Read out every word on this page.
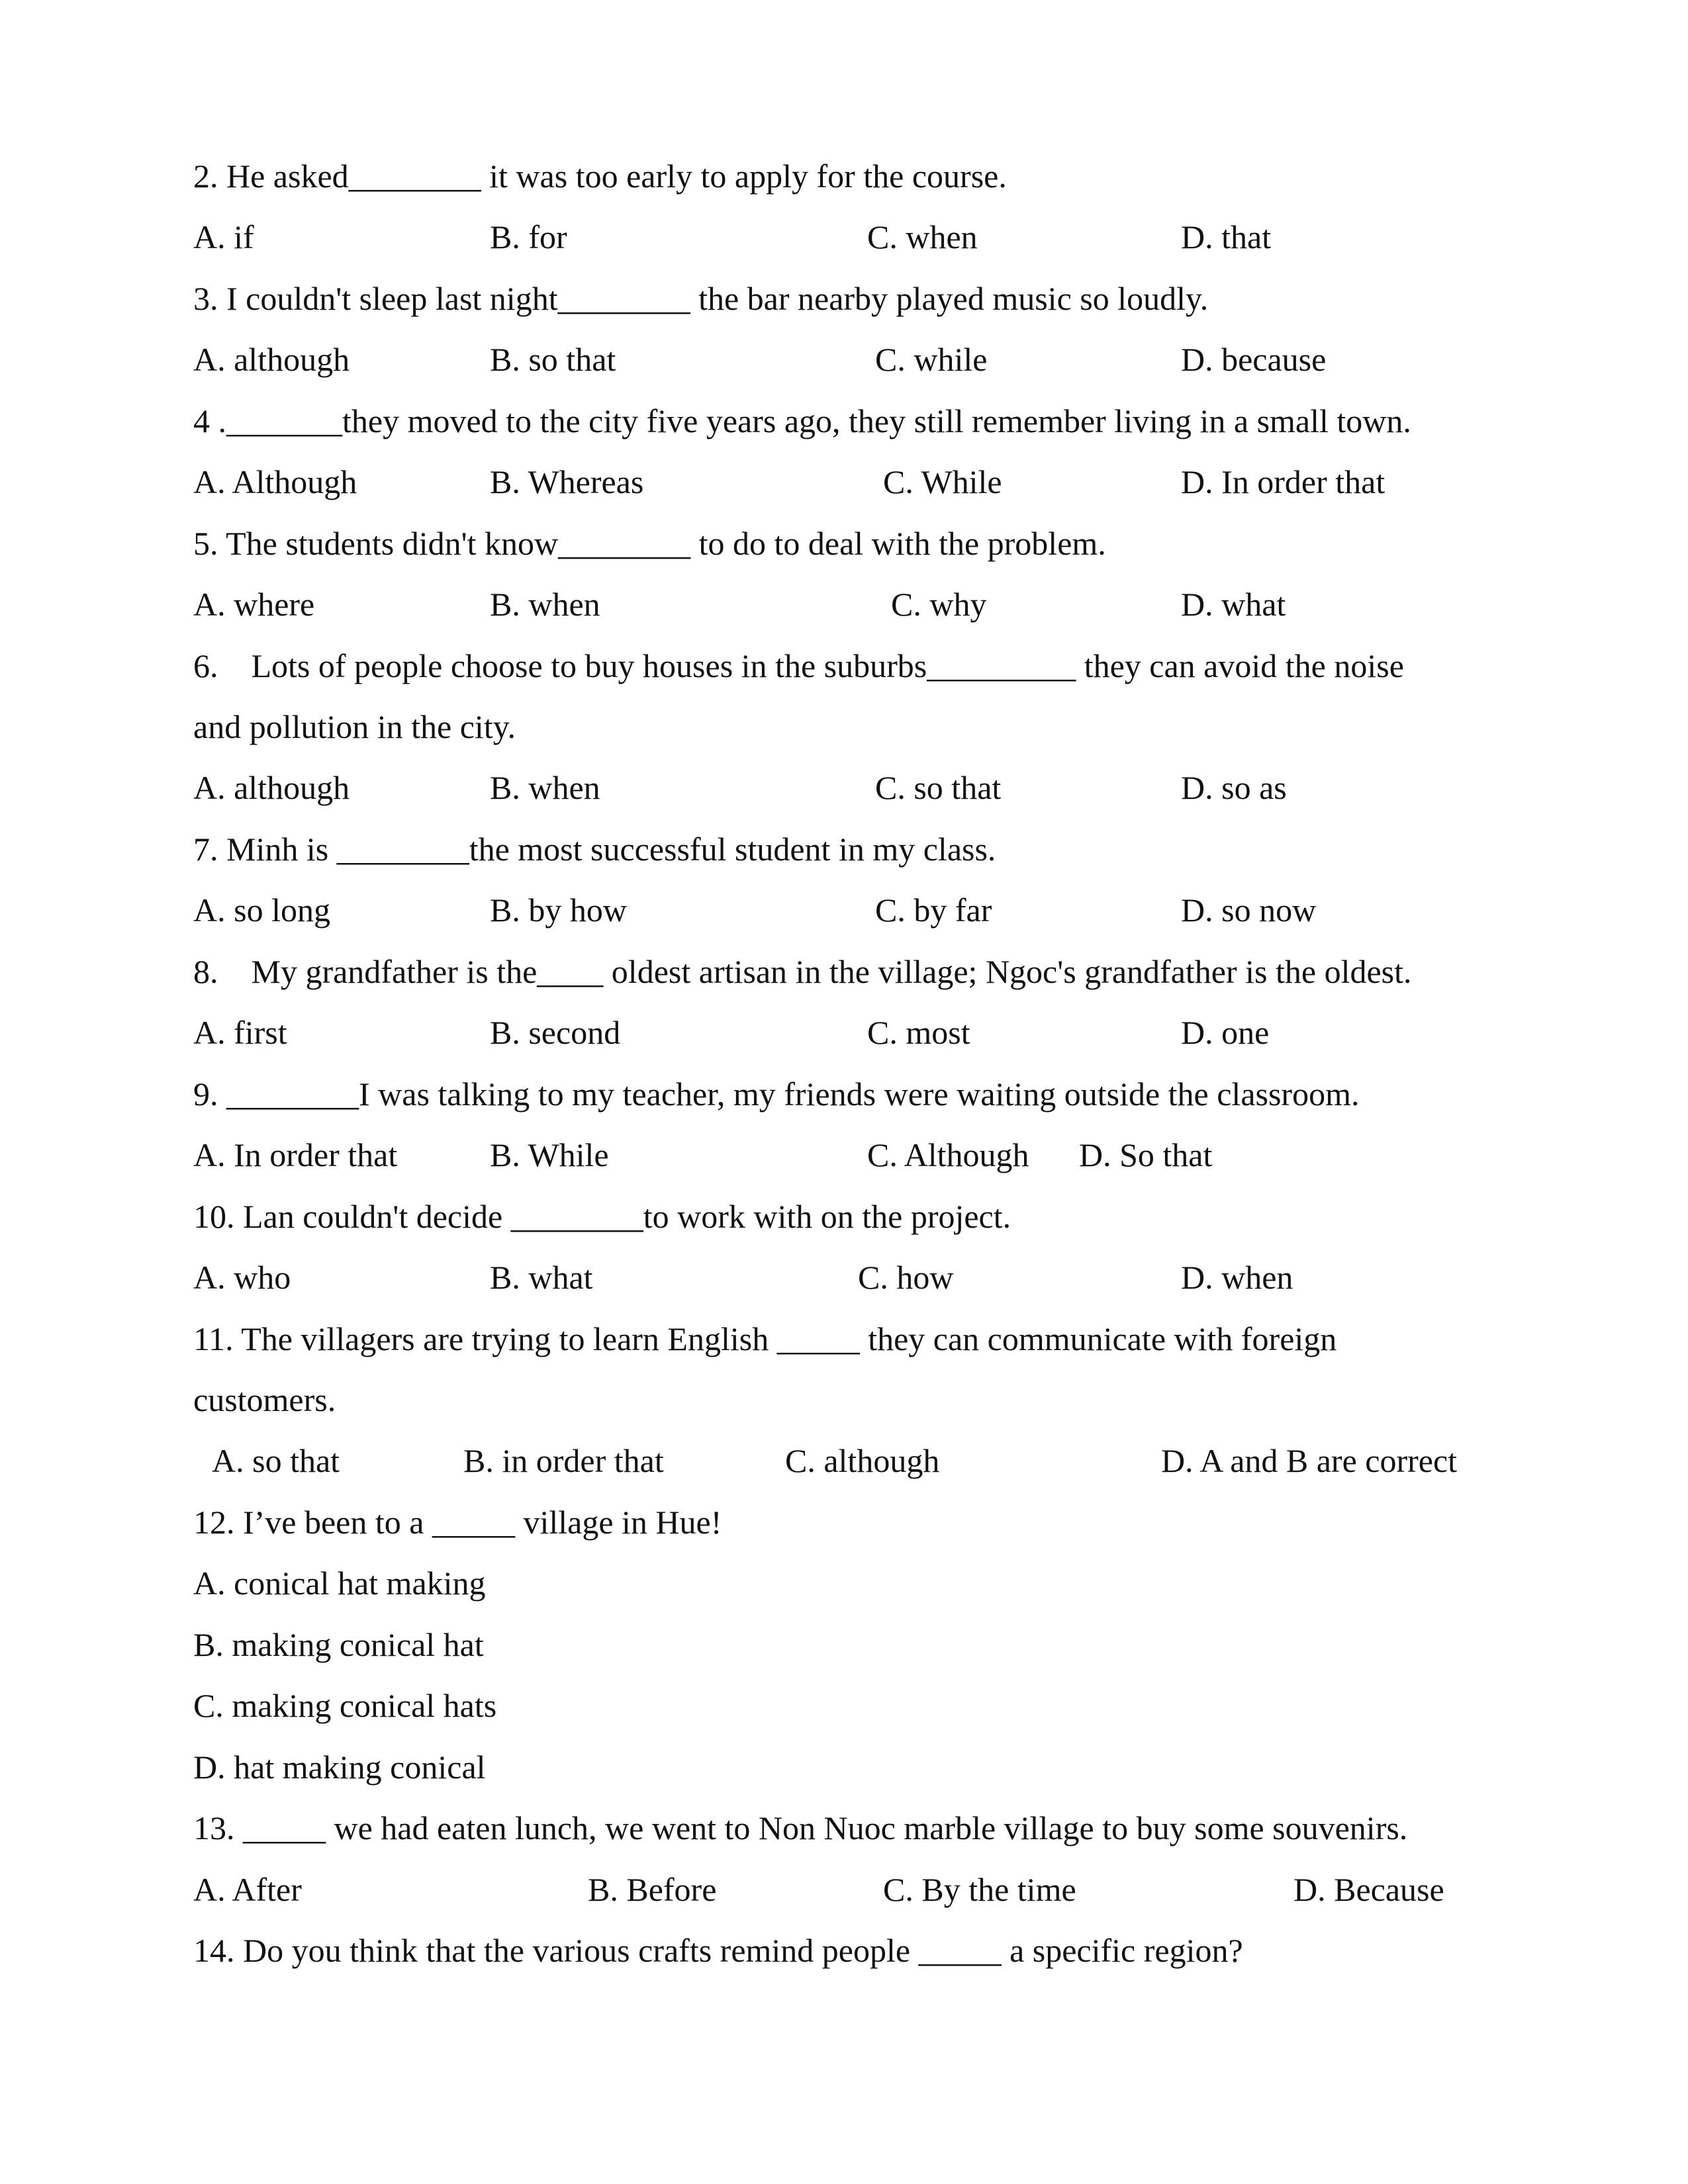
2. He asked________ it was too early to apply for the course.
A. if	B. for	C. when	D. that
3. I couldn't sleep last night________ the bar nearby played music so loudly.
A. although	B. so that	C. while	D. because
4 ._______they moved to the city five years ago, they still remember living in a small town.
A. Although	B. Whereas	C. While	D. In order that
5. The students didn't know________ to do to deal with the problem.
A. where	B. when	C. why	D. what
6.    Lots of people choose to buy houses in the suburbs_________ they can avoid the noise
and pollution in the city.
A. although	B. when	C. so that	D. so as
7. Minh is ________the most successful student in my class.
A. so long	B. by how	C. by far	D. so now
8.    My grandfather is the____ oldest artisan in the village; Ngoc's grandfather is the oldest.
A. first	B. second	C. most	D. one
9. ________I was talking to my teacher, my friends were waiting outside the classroom.
A. In order that	B. While	C. Although D. So that
10. Lan couldn't decide ________to work with on the project.
A. who	B. what	C. how	D. when
11. The villagers are trying to learn English _____ they can communicate with foreign
customers.
A. so that	B. in order that	C. although	D. A and B are correct
12. I’ve been to a _____ village in Hue!
A. conical hat making
B. making conical hat
C. making conical hats
D. hat making conical
13. _____ we had eaten lunch, we went to Non Nuoc marble village to buy some souvenirs.
A. After	B. Before	C. By the time	D. Because
14. Do you think that the various crafts remind people _____ a specific region?
